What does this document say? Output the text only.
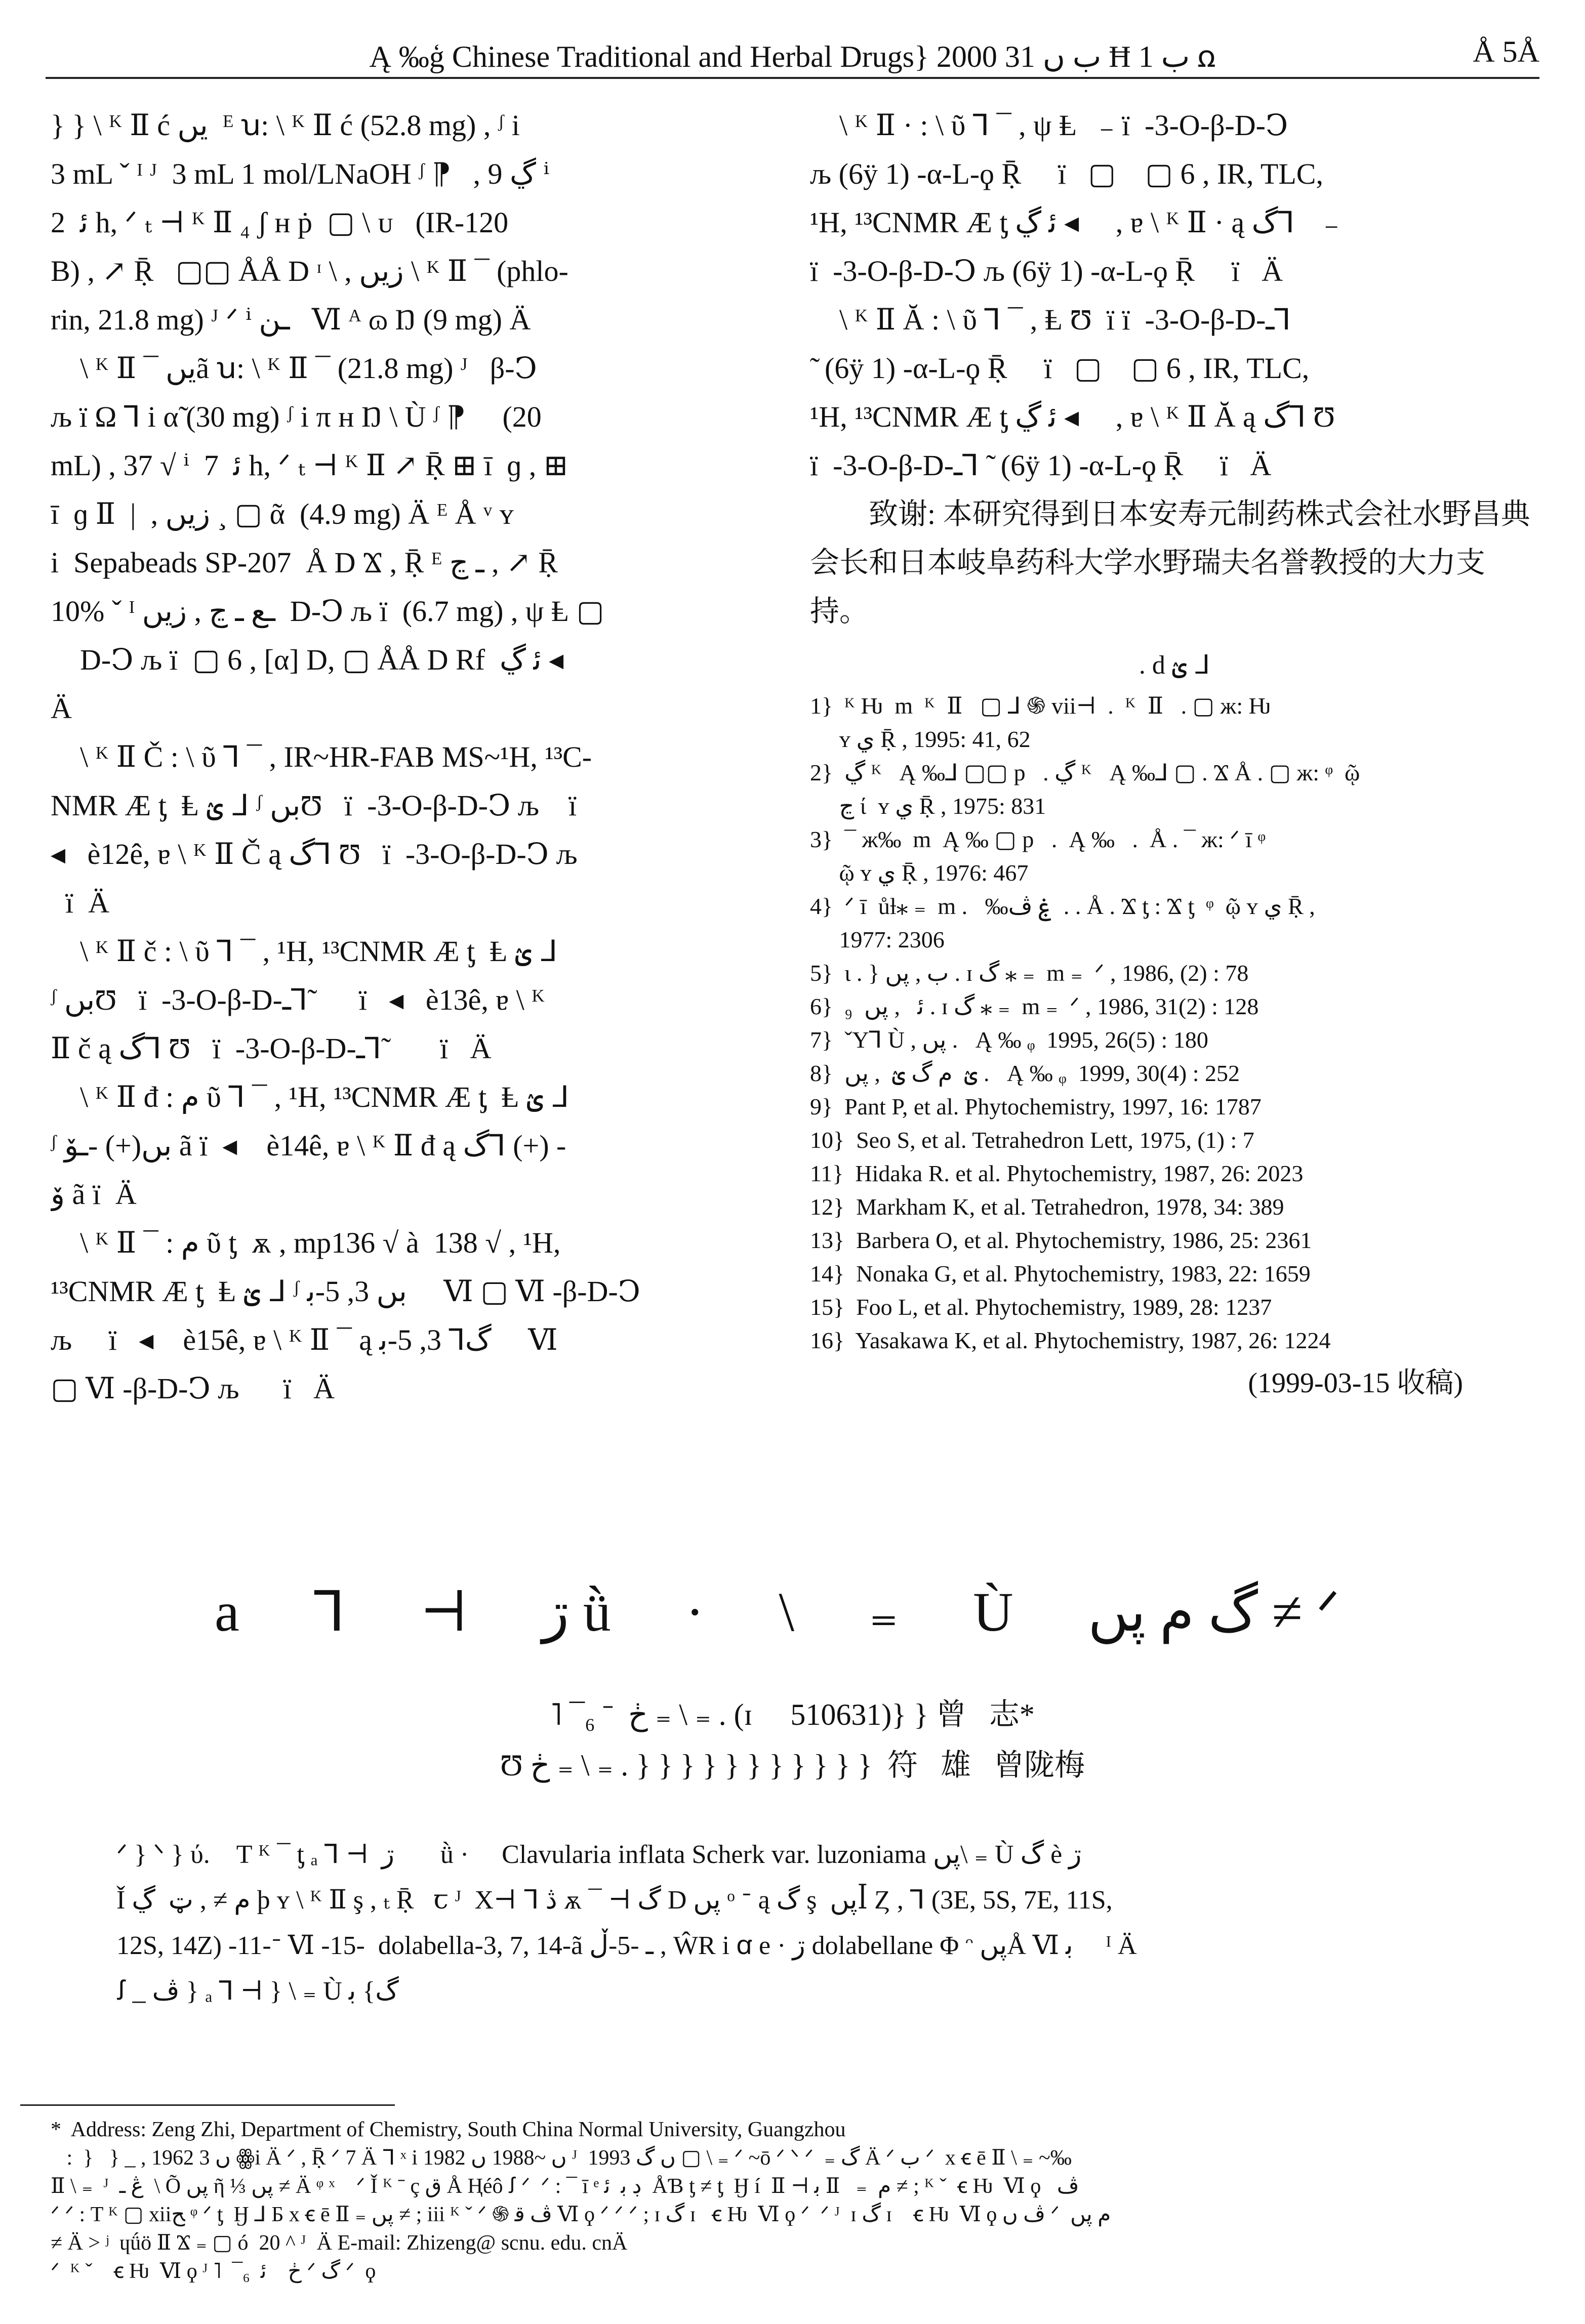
Ą ‰ģ Chinese Traditional and Herbal Drugs} 2000 ب ں 31 Ħ ب 1 ꭥ	Å 5Å

} } \ ᴷ Ⅱ ć یں  ᴱ ꭒ: \ ᴷ Ⅱ ć (52.8 mg) , ᶴ i

3 mL ˇ ᴵ ᴶ  3 mL 1 mol/LNaOH ᶴ ⁋   , 9 ڲ ⁱ

ﺋ  2 h, ᐟ ₜ ⊣ ᴷ Ⅱ ₄ ʃ ʜ ṗ  ▢ \ ᴜ   (IR-120

B) , ↗ Ṝ   ▢▢ ÅÅ D ᶦ \ , زیں \ ᴷ Ⅱ ¯ (phlo-

rin, 21.8 mg) ᴶ ᐟ ⁱ ـن   Ⅵ ᴬ ɷ Ŋ (9 mg) Ä

\ ᴷ Ⅱ ¯ یںã ꭒ: \ ᴷ Ⅱ ¯ (21.8 mg) ᴶ   β-Ↄ

љ ï Ω ⅂ i α̃ (30 mg) ᶴ i π ʜ Ŋ \ Ù ᶴ ⁋     (20

mL) , 37 √ ⁱ  ﺋ  7 h, ᐟ ₜ ⊣ ᴷ Ⅱ ↗ Ṝ ⊞ ī  ɡ , ⊞

ī  ɡ Ⅱ  |  , زیں ¸ ▢ ᾶ  (4.9 mg) Ä ᴱ Å ᵛ ʏ

i  Sepabeads SP-207  Å D Ϫ , Ṝ ᴱ ـ ڃ , ↗ Ṝ

10% ˇ ᴵ ـﻊ ـ ڃ , زیں  D-Ↄ љ ï  (6.7 mg) , ψ Ⱡ ▢

D-Ↄ љ ï  ▢ 6 , [α] D, ▢ ÅÅ D Rf  ﺋ ڲ ◂

Ä

\ ᴷ Ⅱ Č : \ ῦ ⅂ ¯ , IR~HR-FAB MS~¹H, ¹³C-

NMR Æ ƫ  Ⱡ ؽ ᒧ ᶴ بںƱ   ï  -3-O-β-D-Ↄ љ    ï

◂   è12ê, ɐ \ ᴷ Ⅱ Č ą گ⅂ Ʊ   ï  -3-O-β-D-Ↄ љ

ï  Ä

\ ᴷ Ⅱ č : \ ῦ ⅂ ¯ , ¹H, ¹³CNMR Æ ƫ  Ⱡ ؽ ᒧ

ᶴ بںƱ   ï  -3-O-β-D-ـ⅂ ̃      ï   ◂   è13ê, ɐ \ ᴷ

Ⅱ č ą گ⅂ Ʊ   ï  -3-O-β-D-ـ⅂ ̃       ï   Ä

\ ᴷ Ⅱ đ : م ῦ ⅂ ¯ , ¹H, ¹³CNMR Æ ƫ  Ⱡ ؽ ᒧ

ᶴ بں(+) -ـۆ ã ï  ◂    è14ê, ɐ \ ᴷ Ⅱ đ ą گ⅂ (+) -

ۆ ã ï  Ä

\ ᴷ Ⅱ ¯ : م ῦ ƫ  ѫ , mp136 √ à  138 √ , ¹H,

¹³CNMR Æ ƫ  Ⱡ ؽ ᒧ ᶴ بں 3, 5-ﺑ     Ⅵ ▢ Ⅵ -β-D-Ↄ

љ     ï   ◂    è15ê, ɐ \ ᴷ Ⅱ ¯ ą گ⅂ 3, 5-ﺑ     Ⅵ

▢ Ⅵ -β-D-Ↄ љ      ï   Ä

\ ᴷ Ⅱ · : \ ῦ ⅂ ¯ , ψ Ⱡ   ₋ ï  -3-O-β-D-Ↄ

љ (6ÿ 1) -α-L-ϙ Ṝ     ï   ▢    ▢ 6 , IR, TLC,

¹H, ¹³CNMR Æ ƫ ﺋ ڲ ◂     , ɐ \ ᴷ Ⅱ · ą گ⅂    ₋

ï  -3-O-β-D-Ↄ љ (6ÿ 1) -α-L-ϙ Ṝ     ï   Ä

\ ᴷ Ⅱ Ă : \ ῦ ⅂ ¯ , Ⱡ Ʊ  ï ï  -3-O-β-D-ـ⅂

̃  (6ÿ 1) -α-L-ϙ Ṝ     ï   ▢    ▢ 6 , IR, TLC,

¹H, ¹³CNMR Æ ƫ ﺋ ڲ ◂     , ɐ \ ᴷ Ⅱ Ă ą گ⅂ Ʊ

ï  -3-O-β-D-ـ⅂ ̃  (6ÿ 1) -α-L-ϙ Ṝ     ï   Ä

致谢: 本研究得到日本安寿元制药株式会社水野昌典会长和日本岐阜药科大学水野瑞夫名誉教授的大力支持。

. d ؽ ᒧ
1}  ᴷ Ƕ  m  ᴷ  Ⅱ   ▢ ⅃ ֍ vii⊣  .  ᴷ  Ⅱ   . ▢ ж: Ƕ
ʏ ي Ṝ , 1995: 41, 62
2}  ڲ ᴷ   Ą ‰⅃ ▢▢ p   . ڲ ᴷ   Ą ‰⅃ ▢ . Ϫ Å . ▢ ж: ᵠ  ῷ
ڃ ί  ʏ ي Ṝ , 1975: 831
3}  ¯ ж‰  m  Ą ‰ ▢ p   .  Ą ‰   .  Å . ¯ ж: ᐟ ī ᵠ
ῷ ʏ ي Ṝ , 1976: 467
4}  ᐟ ī  ůƚ⁎ ₌  m .   ‰ۼ ڤ  . . Å . Ϫ ƫ : Ϫ ƫ  ᵠ  ῷ ʏ ي Ṝ ,
1977: 2306
5}  ɩ . } ب , پں . ɪ گ ⁎ ₌  m ₌  ᐟ , 1986, (2) : 78
6}  ₉  ﺋ   , پں . ɪ گ ⁎ ₌  m ₌  ᐟ , 1986, 31(2) : 128
7}  ˇY⅂ Ù , پں .   Ą ‰ ᵩ  1995, 26(5) : 180
8}  ؽ  م گ ؽ  , پں .   Ą ‰ ᵩ  1999, 30(4) : 252
9}  Pant P, et al. Phytochemistry, 1997, 16: 1787
10}  Seo S, et al. Tetrahedron Lett, 1975, (1) : 7
11}  Hidaka R. et al. Phytochemistry, 1987, 26: 2023
12}  Markham K, et al. Tetrahedron, 1978, 34: 389
13}  Barbera O, et al. Phytochemistry, 1986, 25: 2361
14}  Nonaka G, et al. Phytochemistry, 1983, 22: 1659
15}  Foo L, et al. Phytochemistry, 1989, 28: 1237
16}  Yasakawa K, et al. Phytochemistry, 1987, 26: 1224
(1999-03-15 收稿)
a ⅂ ⊣ ڗ ǜ · \ ₌ Ù گ م پں ≠ ᐟ
˥ ¯₆ ˉ  ڂ ₌ \ ₌ . (ɪ     510631)} } 曾   志*
Ʊ ڂ ₌ \ ₌ . } } } } } } } } } } }  符   雄   曾陇梅

ᐟ } ᐠ } ύ.    T ᴷ ¯ ƫ ₐ ⅂ ⊣  ڗ       ǜ ·     Clavularia inflata Scherk var. luzoniama پں\ ₌ Ù گ è ڗ

Ǐ م ≠ , ټ  ڲ þ ʏ \ ᴷ Ⅱ ş , ₜ Ṝ   ꞇ ᴶ  X⊣ ᒣ ڎ ѫ ¯ ⊣ گ D پں ᵒ ᐨ ą گ ş  پںꟾ Ȥ , ⅂ (3E, 5S, 7E, 11S,

12S, 14Z) -11-ᐨ Ⅵ -15-  dolabella-3, 7, 14-ã ـ -5-ڵ , ŴR i ꭤ e · ڗ dolabellane Φ ᵔ پںÅ Ⅵ ﺑ     ᴵ Ä

ꭍ _ ڤ } ₐ ⅂ ⊣ } \ ₌ Ù گ} ﺑ

*  Address: Zeng Zhi, Department of Chemistry, South China Normal University, Guangzhou

:  }   } _ , 1962 ں 3 ꙮi Ä ᐟ , Ṝ ᐟ 7 Ä ᒣ ˣ i 1982 ں ~1988 ں ᴶ  1993 ں گ ▢ \ ₌ ᐟ ~ō ᐟ ᐠ ᐟ  ₌ گ Ä ᐟ ب ᐟ  x ꞓ ē Ⅱ \ ₌ ~‰

Ⅱ \ ₌  ᴶ  ڠ ـ  \ Õ پں ῆ ⅓ پں ≠ Ä ᵠ ˣ    ᐟ Ǐ ᴷ ˉ ç ق Å Ⱨéô ꭍ ᐟ  ᐟ : ¯ ī ᵉ ڊ ﺑ  ﺋ  ÅƁ ƫ ≠ ƫ  Ӈ í  Ⅱ ⊣ ﺑ Ⅱ   ₌  م ≠ ; ᴷ ˇ  ꞓ Ƕ  Ⅵ ϙ   ڤ

ᐟ ᐟ : T ᴷ ▢ xiiﺢ ᵠ ᐟ ƫ  Ӈ ⅃ Ƃ x ꞓ ē Ⅱ ₌ پں ≠ ; iii ᴷ ˇ ᐟ ֍ ڤ ﻗ Ⅵ ϙ ᐟ ᐟ ᐟ ; ɪ گ ɪ   ꞓ Ƕ  Ⅵ ϙ ᐟ  ᐟ ᴶ  ɪ گ ɪ    ꞓ Ƕ  Ⅵ ϙ ڤ ں ᐟ  م پں

≠ Ä ˃ ʲ  ɥǘö Ⅱ Ϫ ₌ ▢ ó  20 ^ ᴶ  Ä E-mail: Zhizeng@ scnu. edu. cnÄ

ᐟ  ᴷ ˇ    ꞓ Ƕ  Ⅵ ϙ ᴶ ˥  ¯₆  ڂ    ﺋ ᐟ گ ᐟ  ϙ
